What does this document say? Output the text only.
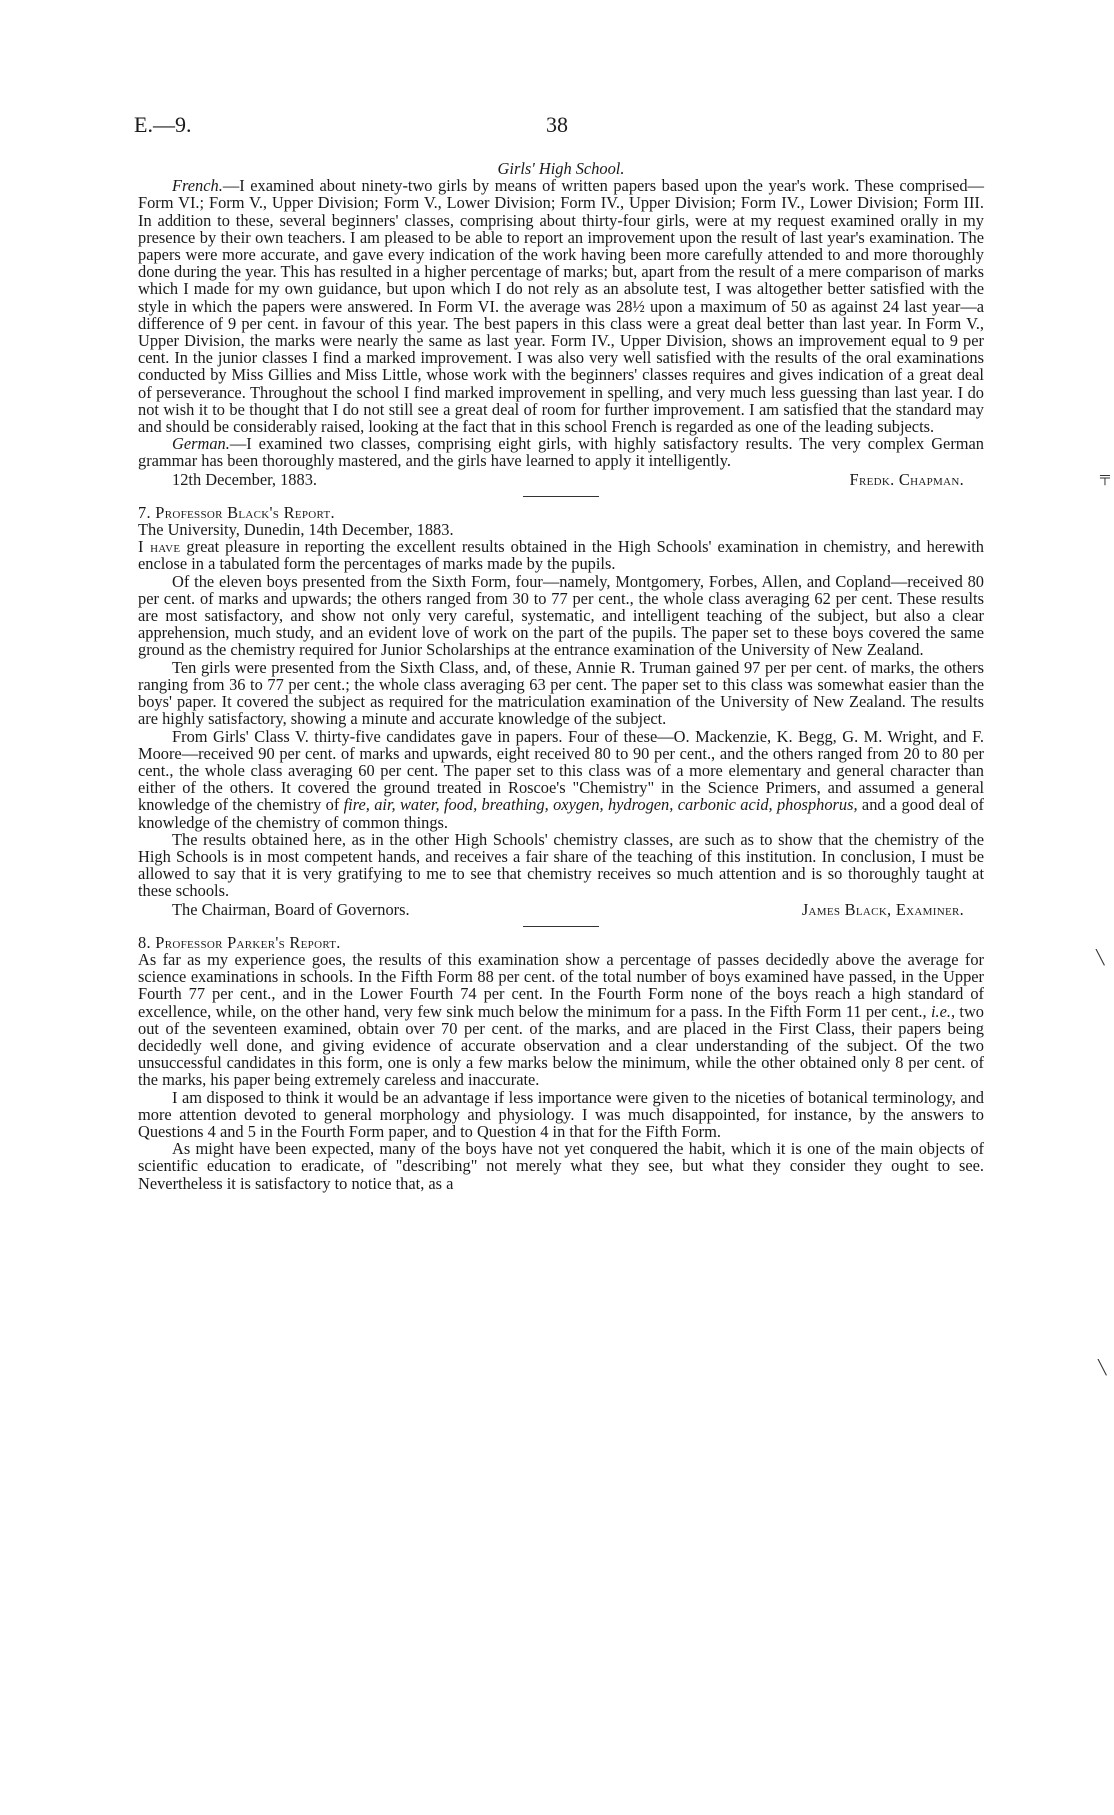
E.—9.	38

Girls' High School.

French.—I examined about ninety-two girls by means of written papers based upon the year's work. These comprised—Form VI.; Form V., Upper Division; Form V., Lower Division; Form IV., Upper Division; Form IV., Lower Division; Form III. In addition to these, several beginners' classes, comprising about thirty-four girls, were at my request examined orally in my presence by their own teachers. I am pleased to be able to report an improvement upon the result of last year's examination. The papers were more accurate, and gave every indication of the work having been more carefully attended to and more thoroughly done during the year. This has resulted in a higher percentage of marks; but, apart from the result of a mere comparison of marks which I made for my own guidance, but upon which I do not rely as an absolute test, I was altogether better satisfied with the style in which the papers were answered. In Form VI. the average was 28½ upon a maximum of 50 as against 24 last year—a difference of 9 per cent. in favour of this year. The best papers in this class were a great deal better than last year. In Form V., Upper Division, the marks were nearly the same as last year. Form IV., Upper Division, shows an improvement equal to 9 per cent. In the junior classes I find a marked improvement. I was also very well satisfied with the results of the oral examinations conducted by Miss Gillies and Miss Little, whose work with the beginners' classes requires and gives indication of a great deal of perseverance. Throughout the school I find marked improvement in spelling, and very much less guessing than last year. I do not wish it to be thought that I do not still see a great deal of room for further improvement. I am satisfied that the standard may and should be considerably raised, looking at the fact that in this school French is regarded as one of the leading subjects.

German.—I examined two classes, comprising eight girls, with highly satisfactory results. The very complex German grammar has been thoroughly mastered, and the girls have learned to apply it intelligently.

12th December, 1883.	Fredk. Chapman.

7. Professor Black's Report.

The University, Dunedin, 14th December, 1883.

I have great pleasure in reporting the excellent results obtained in the High Schools' examination in chemistry, and herewith enclose in a tabulated form the percentages of marks made by the pupils.

Of the eleven boys presented from the Sixth Form, four—namely, Montgomery, Forbes, Allen, and Copland—received 80 per cent. of marks and upwards; the others ranged from 30 to 77 per cent., the whole class averaging 62 per cent. These results are most satisfactory, and show not only very careful, systematic, and intelligent teaching of the subject, but also a clear apprehension, much study, and an evident love of work on the part of the pupils. The paper set to these boys covered the same ground as the chemistry required for Junior Scholarships at the entrance examination of the University of New Zealand.

Ten girls were presented from the Sixth Class, and, of these, Annie R. Truman gained 97 per per cent. of marks, the others ranging from 36 to 77 per cent.; the whole class averaging 63 per cent. The paper set to this class was somewhat easier than the boys' paper. It covered the subject as required for the matriculation examination of the University of New Zealand. The results are highly satisfactory, showing a minute and accurate knowledge of the subject.

From Girls' Class V. thirty-five candidates gave in papers. Four of these—O. Mackenzie, K. Begg, G. M. Wright, and F. Moore—received 90 per cent. of marks and upwards, eight received 80 to 90 per cent., and the others ranged from 20 to 80 per cent., the whole class averaging 60 per cent. The paper set to this class was of a more elementary and general character than either of the others. It covered the ground treated in Roscoe's "Chemistry" in the Science Primers, and assumed a general knowledge of the chemistry of fire, air, water, food, breathing, oxygen, hydrogen, carbonic acid, phosphorus, and a good deal of knowledge of the chemistry of common things.

The results obtained here, as in the other High Schools' chemistry classes, are such as to show that the chemistry of the High Schools is in most competent hands, and receives a fair share of the teaching of this institution. In conclusion, I must be allowed to say that it is very gratifying to me to see that chemistry receives so much attention and is so thoroughly taught at these schools.

The Chairman, Board of Governors.	James Black, Examiner.

8. Professor Parker's Report.

As far as my experience goes, the results of this examination show a percentage of passes decidedly above the average for science examinations in schools. In the Fifth Form 88 per cent. of the total number of boys examined have passed, in the Upper Fourth 77 per cent., and in the Lower Fourth 74 per cent. In the Fourth Form none of the boys reach a high standard of excellence, while, on the other hand, very few sink much below the minimum for a pass. In the Fifth Form 11 per cent., i.e., two out of the seventeen examined, obtain over 70 per cent. of the marks, and are placed in the First Class, their papers being decidedly well done, and giving evidence of accurate observation and a clear understanding of the subject. Of the two unsuccessful candidates in this form, one is only a few marks below the minimum, while the other obtained only 8 per cent. of the marks, his paper being extremely careless and inaccurate.

I am disposed to think it would be an advantage if less importance were given to the niceties of botanical terminology, and more attention devoted to general morphology and physiology. I was much disappointed, for instance, by the answers to Questions 4 and 5 in the Fourth Form paper, and to Question 4 in that for the Fifth Form.

As might have been expected, many of the boys have not yet conquered the habit, which it is one of the main objects of scientific education to eradicate, of "describing" not merely what they see, but what they consider they ought to see. Nevertheless it is satisfactory to notice that, as a

╤
╲
╲
